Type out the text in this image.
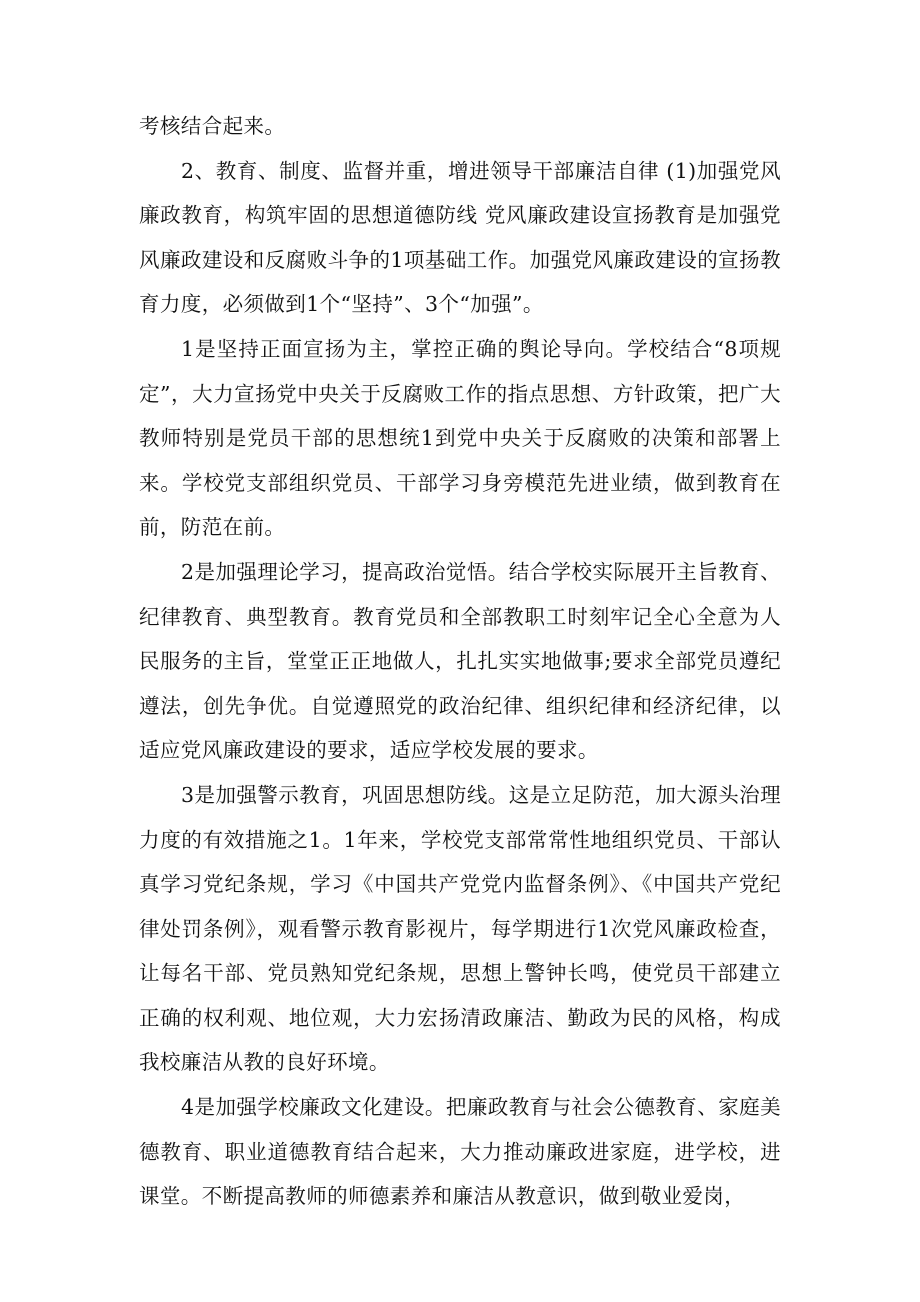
考核结合起来。

2、教育、制度、监督并重，增进领导干部廉洁自律 (1)加强党风廉政教育，构筑牢固的思想道德防线 党风廉政建设宣扬教育是加强党风廉政建设和反腐败斗争的1项基础工作。加强党风廉政建设的宣扬教育力度，必须做到1个“坚持”、3个“加强”。

1是坚持正面宣扬为主，掌控正确的舆论导向。学校结合“8项规定”，大力宣扬党中央关于反腐败工作的指点思想、方针政策，把广大教师特别是党员干部的思想统1到党中央关于反腐败的决策和部署上来。学校党支部组织党员、干部学习身旁模范先进业绩，做到教育在前，防范在前。

2是加强理论学习，提高政治觉悟。结合学校实际展开主旨教育、纪律教育、典型教育。教育党员和全部教职工时刻牢记全心全意为人民服务的主旨，堂堂正正地做人，扎扎实实地做事;要求全部党员遵纪遵法，创先争优。自觉遵照党的政治纪律、组织纪律和经济纪律，以适应党风廉政建设的要求，适应学校发展的要求。

3是加强警示教育，巩固思想防线。这是立足防范，加大源头治理力度的有效措施之1。1年来，学校党支部常常性地组织党员、干部认真学习党纪条规，学习《中国共产党党内监督条例》、《中国共产党纪律处罚条例》，观看警示教育影视片，每学期进行1次党风廉政检查，让每名干部、党员熟知党纪条规，思想上警钟长鸣，使党员干部建立正确的权利观、地位观，大力宏扬清政廉洁、勤政为民的风格，构成我校廉洁从教的良好环境。

4是加强学校廉政文化建设。把廉政教育与社会公德教育、家庭美德教育、职业道德教育结合起来，大力推动廉政进家庭，进学校，进课堂。不断提高教师的师德素养和廉洁从教意识，做到敬业爱岗，
